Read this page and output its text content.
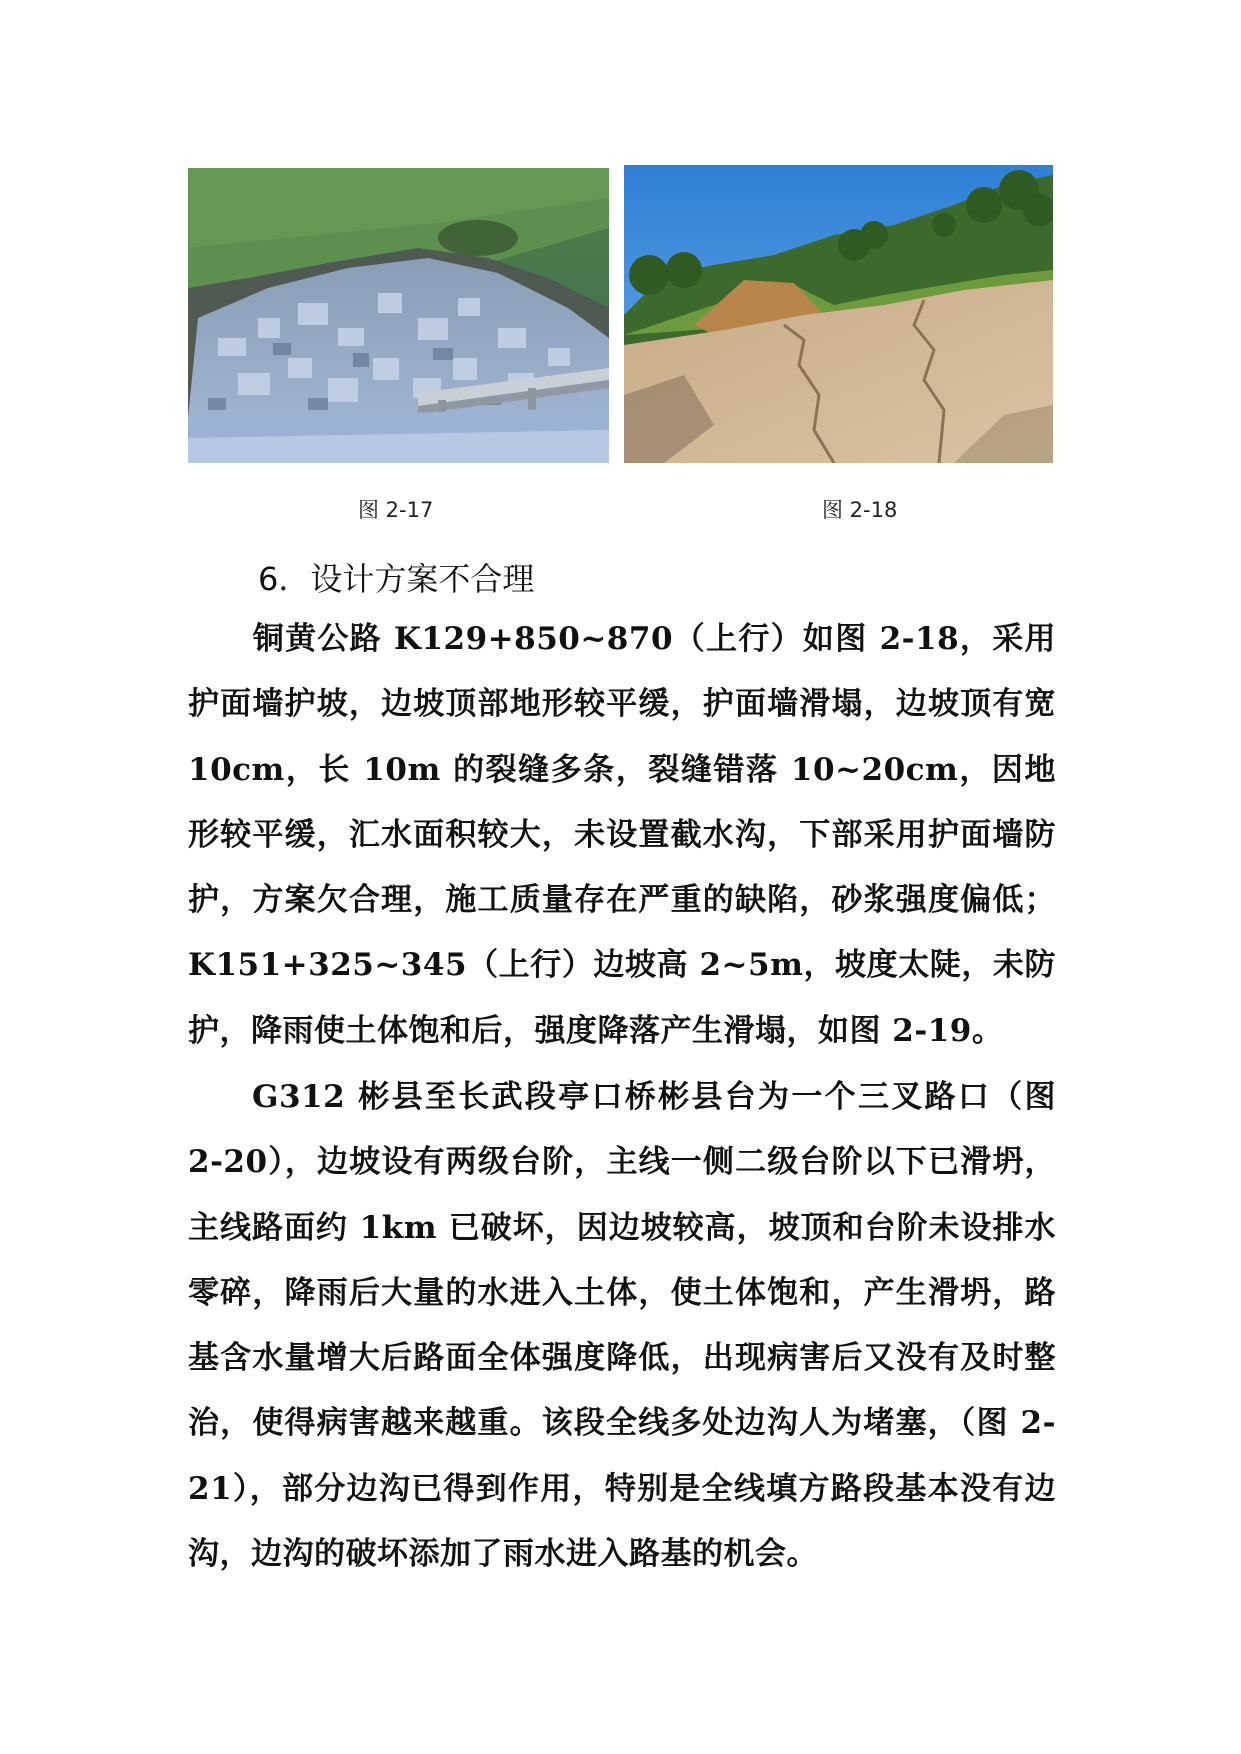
图 2-17	图 2-18
6．设计方案不合理

铜黄公路 K129+850~870（上行）如图 2-18，采用护面墙护坡，边坡顶部地形较平缓，护面墙滑塌，边坡顶有宽 10cm，长 10m 的裂缝多条，裂缝错落 10~20cm，因地形较平缓，汇水面积较大，未设置截水沟，下部采用护面墙防护，方案欠合理，施工质量存在严重的缺陷，砂浆强度偏低；K151+325~345（上行）边坡高 2~5m，坡度太陡，未防护，降雨使土体饱和后，强度降落产生滑塌，如图 2-19。

G312 彬县至长武段亭口桥彬县台为一个三叉路口（图 2-20），边坡设有两级台阶，主线一侧二级台阶以下已滑坍，主线路面约 1km 已破坏，因边坡较高，坡顶和台阶未设排水零碎，降雨后大量的水进入土体，使土体饱和，产生滑坍，路基含水量增大后路面全体强度降低，出现病害后又没有及时整治，使得病害越来越重。该段全线多处边沟人为堵塞，（图 2-21），部分边沟已得到作用，特别是全线填方路段基本没有边沟，边沟的破坏添加了雨水进入路基的机会。
